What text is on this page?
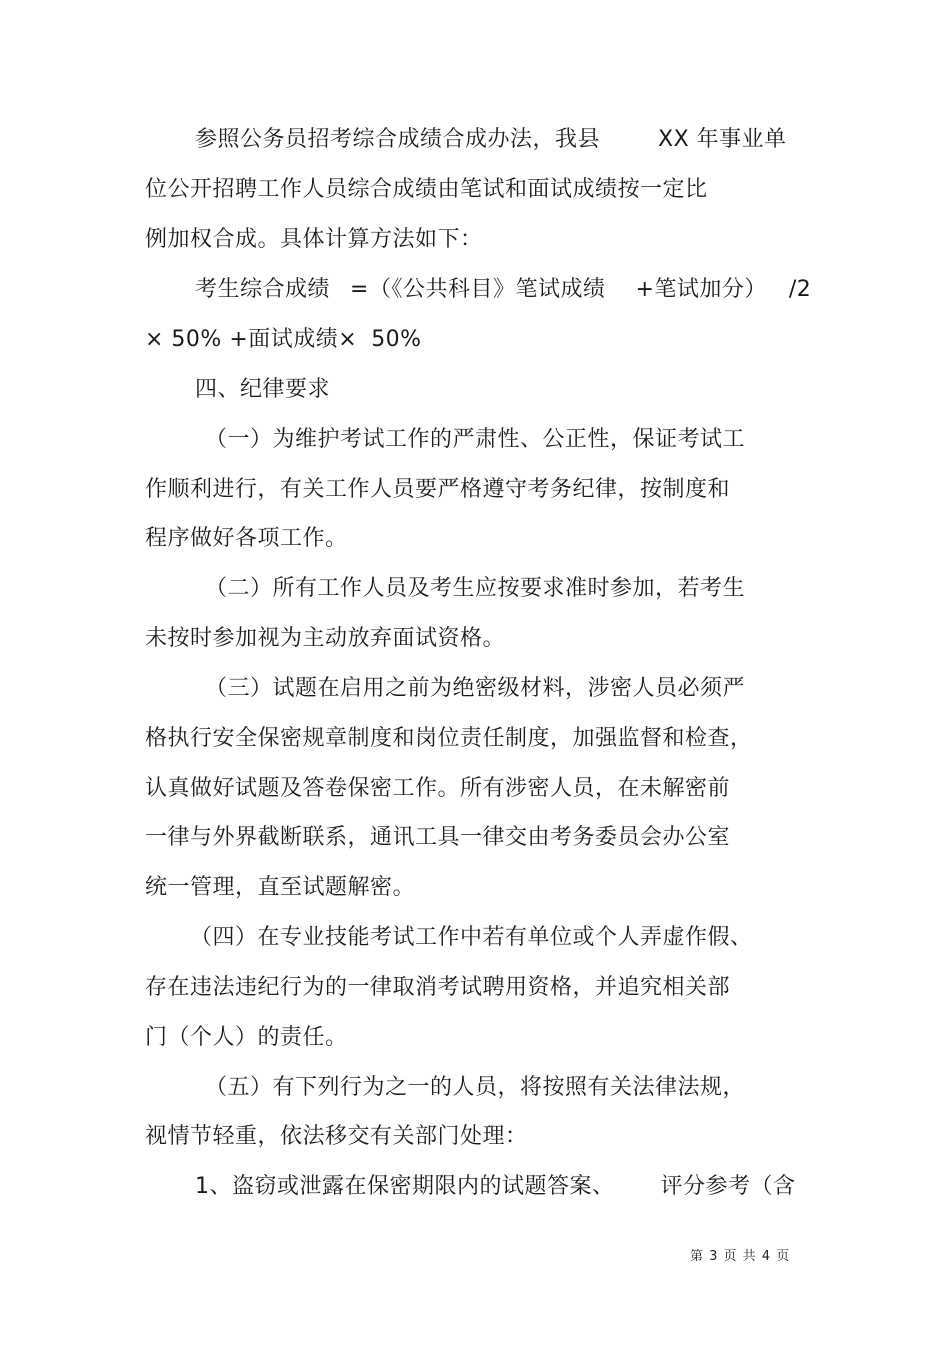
参照公务员招考综合成绩合成办法，我县	XX 年事业单
位公开招聘工作人员综合成绩由笔试和面试成绩按一定比
例加权合成。具体计算方法如下：
考生综合成绩 =（《公共科目》笔试成绩 +笔试加分） /2
× 50% +面试成绩× 50%
四、纪律要求
（一）为维护考试工作的严肃性、公正性，保证考试工
作顺利进行，有关工作人员要严格遵守考务纪律，按制度和
程序做好各项工作。
（二）所有工作人员及考生应按要求准时参加，若考生
未按时参加视为主动放弃面试资格。
（三）试题在启用之前为绝密级材料，涉密人员必须严
格执行安全保密规章制度和岗位责任制度，加强监督和检查，
认真做好试题及答卷保密工作。所有涉密人员，在未解密前
一律与外界截断联系，通讯工具一律交由考务委员会办公室
统一管理，直至试题解密。
（四）在专业技能考试工作中若有单位或个人弄虚作假、
存在违法违纪行为的一律取消考试聘用资格，并追究相关部
门（个人）的责任。
（五）有下列行为之一的人员，将按照有关法律法规，
视情节轻重，依法移交有关部门处理：
1、盗窃或泄露在保密期限内的试题答案、 评分参考（含
第 3 页 共 4 页
